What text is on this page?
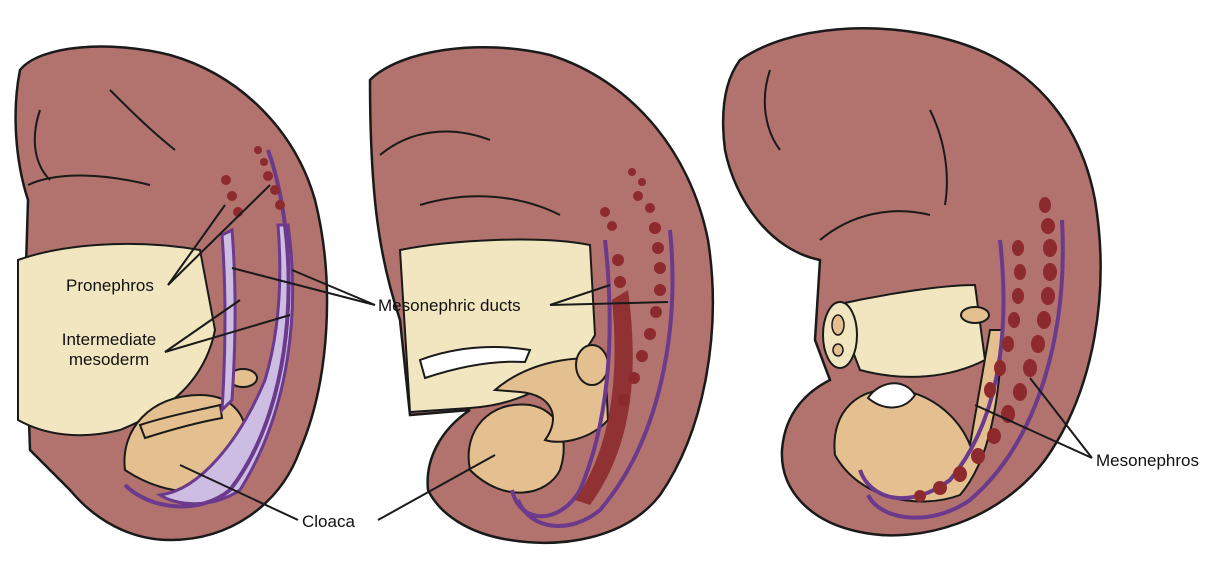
Pronephros
Intermediate
mesoderm
Mesonephric ducts
Cloaca
Mesonephros
